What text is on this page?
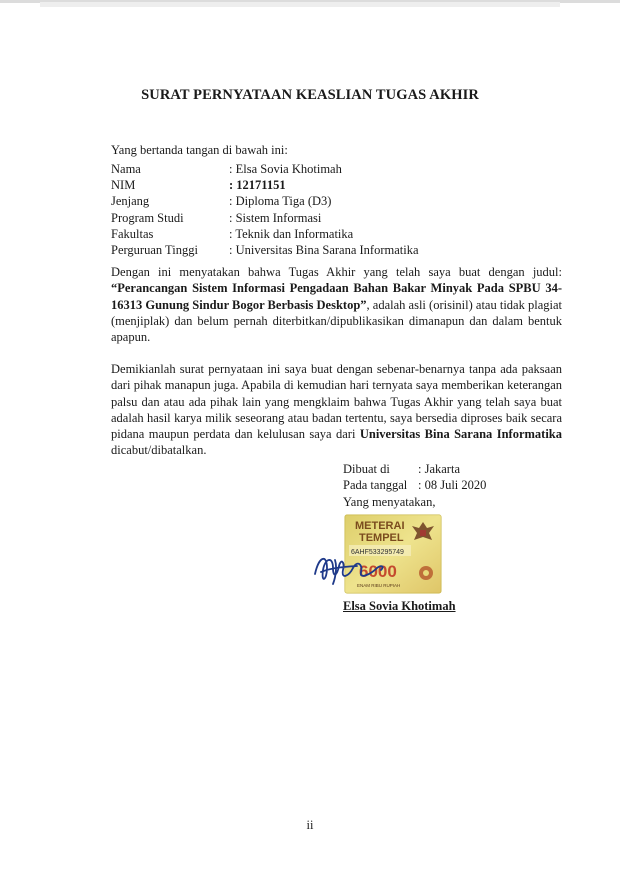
SURAT PERNYATAAN KEASLIAN TUGAS AKHIR
Yang bertanda tangan di bawah ini:
Nama	: Elsa Sovia Khotimah
NIM	: 12171151
Jenjang	: Diploma Tiga (D3)
Program Studi	: Sistem Informasi
Fakultas	: Teknik dan Informatika
Perguruan Tinggi : Universitas Bina Sarana Informatika
Dengan ini menyatakan bahwa Tugas Akhir yang telah saya buat dengan judul: “Perancangan Sistem Informasi Pengadaan Bahan Bakar Minyak Pada SPBU 34-16313 Gunung Sindur Bogor Berbasis Desktop”, adalah asli (orisinil) atau tidak plagiat (menjiplak) dan belum pernah diterbitkan/dipublikasikan dimanapun dan dalam bentuk apapun.
Demikianlah surat pernyataan ini saya buat dengan sebenar-benarnya tanpa ada paksaan dari pihak manapun juga. Apabila di kemudian hari ternyata saya memberikan keterangan palsu dan atau ada pihak lain yang mengklaim bahwa Tugas Akhir yang telah saya buat adalah hasil karya milik seseorang atau badan tertentu, saya bersedia diproses baik secara pidana maupun perdata dan kelulusan saya dari Universitas Bina Sarana Informatika dicabut/dibatalkan.
Dibuat di : Jakarta
Pada tanggal : 08 Juli 2020
Yang menyatakan,
METERAI
TEMPEL
6AHF533295749
6000
ENAM RIBU RUPIAH
Elsa Sovia Khotimah
ii
